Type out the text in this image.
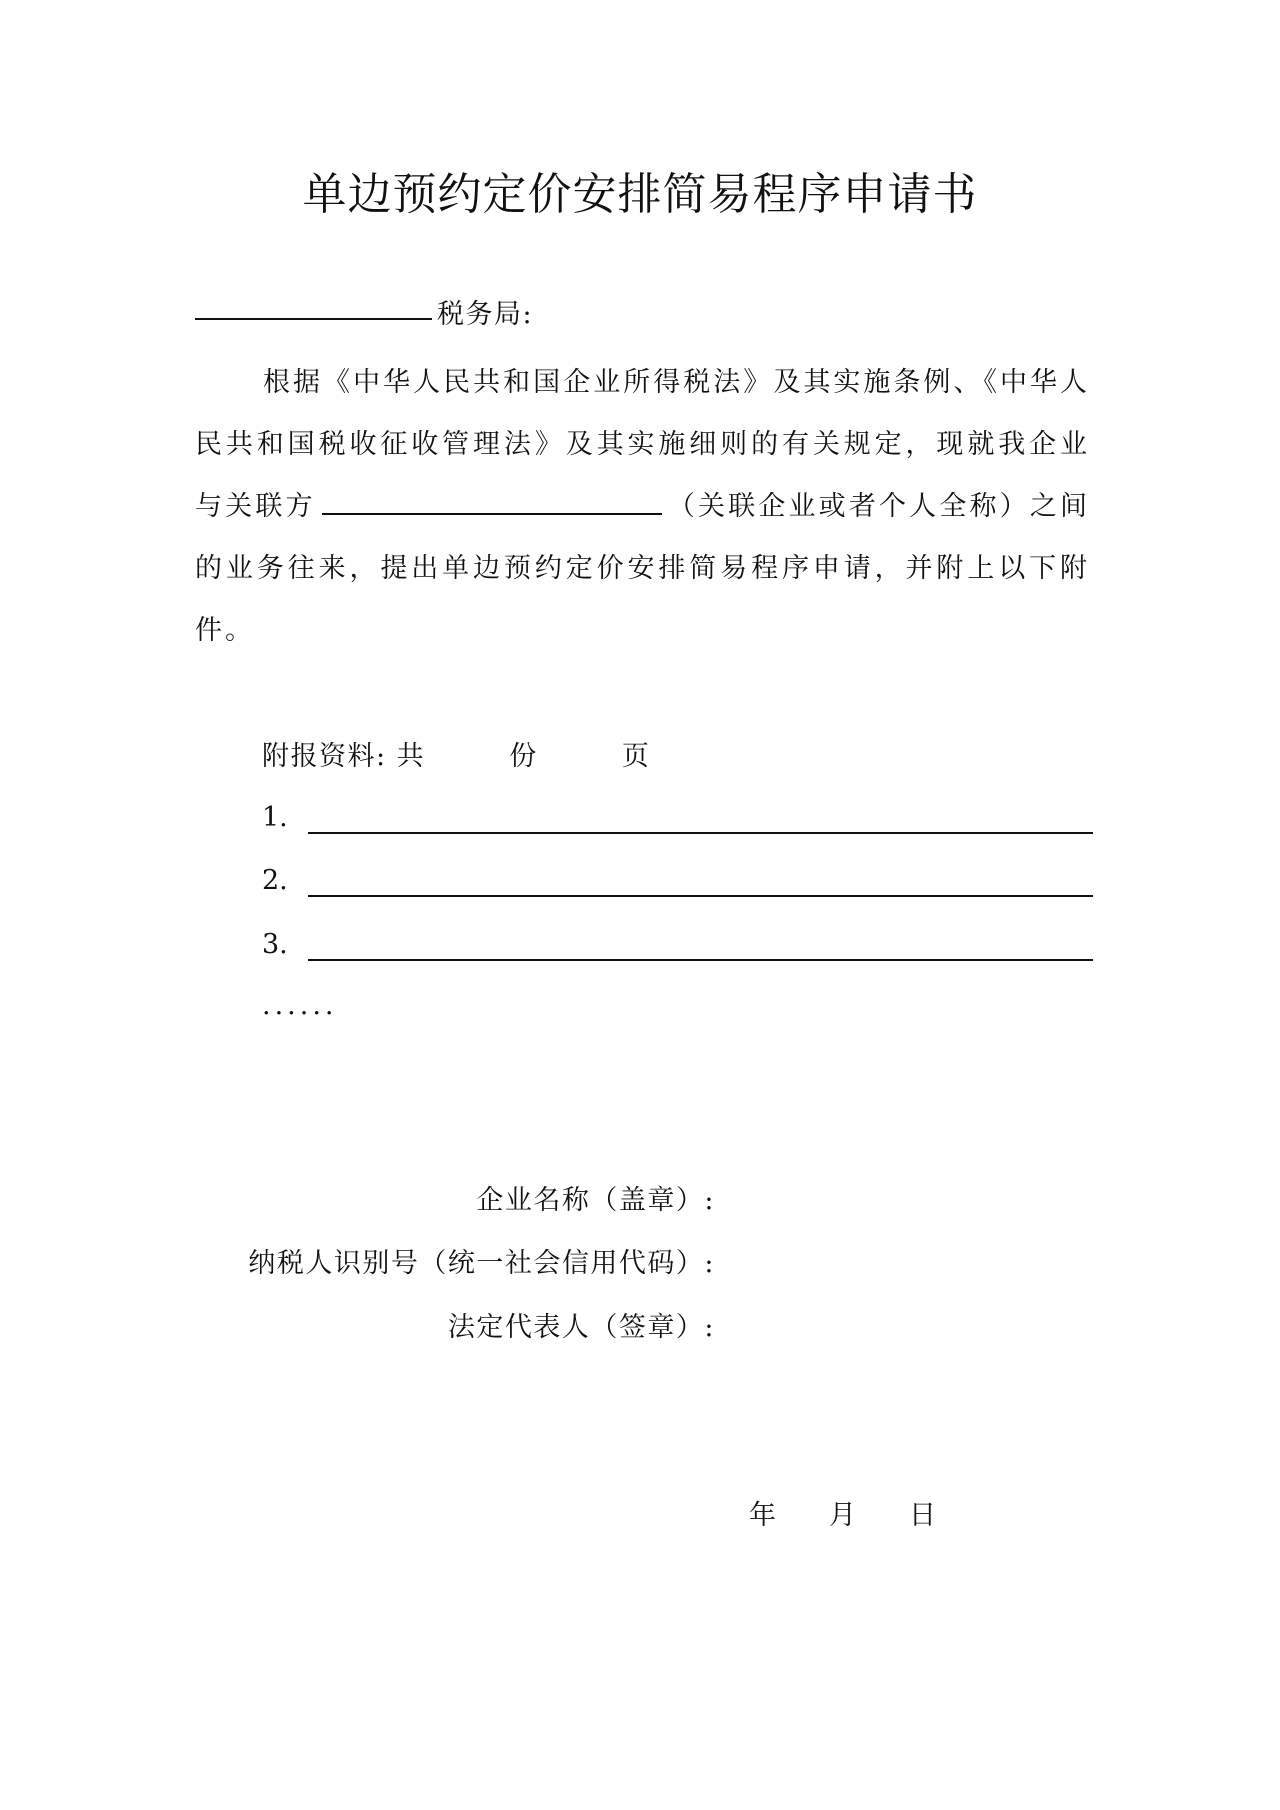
单边预约定价安排简易程序申请书
税务局:
根据《中华人民共和国企业所得税法》及其实施条例、《中华人民共和国税收征收管理法》及其实施细则的有关规定，现就我企业与关联方	（关联企业或者个人全称）之间的业务往来，提出单边预约定价安排简易程序申请，并附上以下附件。
附报资料: 共	份	页
1.
2.
3.
......
企业名称（盖章）:
纳税人识别号（统一社会信用代码）:
法定代表人（签章）:
年 月 日
